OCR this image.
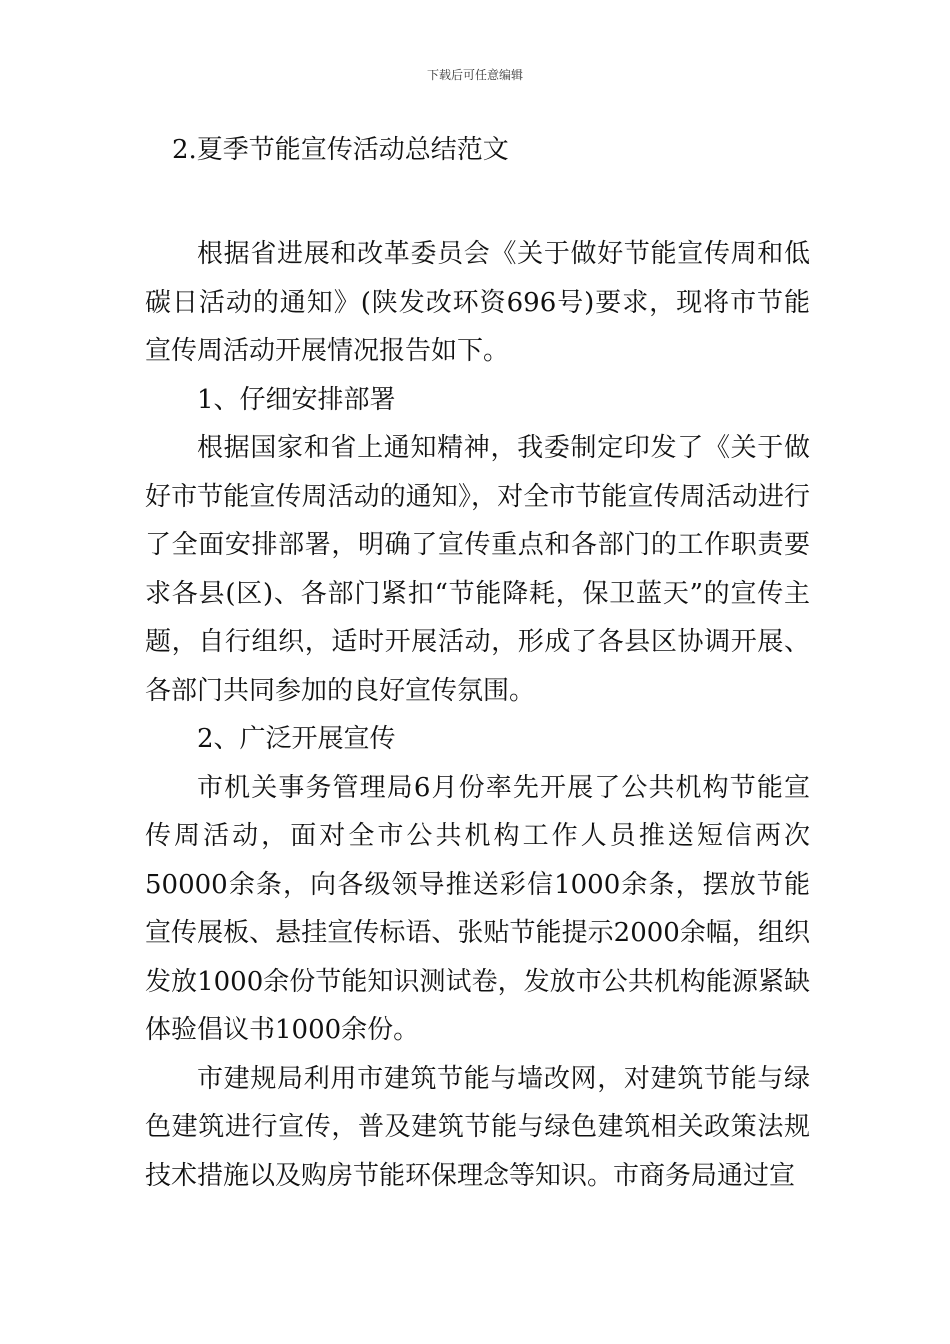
下载后可任意编辑
2.夏季节能宣传活动总结范文

根据省进展和改革委员会《关于做好节能宣传周和低碳日活动的通知》(陕发改环资696号)要求，现将市节能宣传周活动开展情况报告如下。

1、仔细安排部署

根据国家和省上通知精神，我委制定印发了《关于做好市节能宣传周活动的通知》，对全市节能宣传周活动进行了全面安排部署，明确了宣传重点和各部门的工作职责要求各县(区)、各部门紧扣“节能降耗，保卫蓝天”的宣传主题，自行组织，适时开展活动，形成了各县区协调开展、各部门共同参加的良好宣传氛围。

2、广泛开展宣传

市机关事务管理局6月份率先开展了公共机构节能宣传周活动，面对全市公共机构工作人员推送短信两次50000余条，向各级领导推送彩信1000余条，摆放节能宣传展板、悬挂宣传标语、张贴节能提示2000余幅，组织发放1000余份节能知识测试卷，发放市公共机构能源紧缺体验倡议书1000余份。

市建规局利用市建筑节能与墙改网，对建筑节能与绿色建筑进行宣传，普及建筑节能与绿色建筑相关政策法规技术措施以及购房节能环保理念等知识。市商务局通过宣
